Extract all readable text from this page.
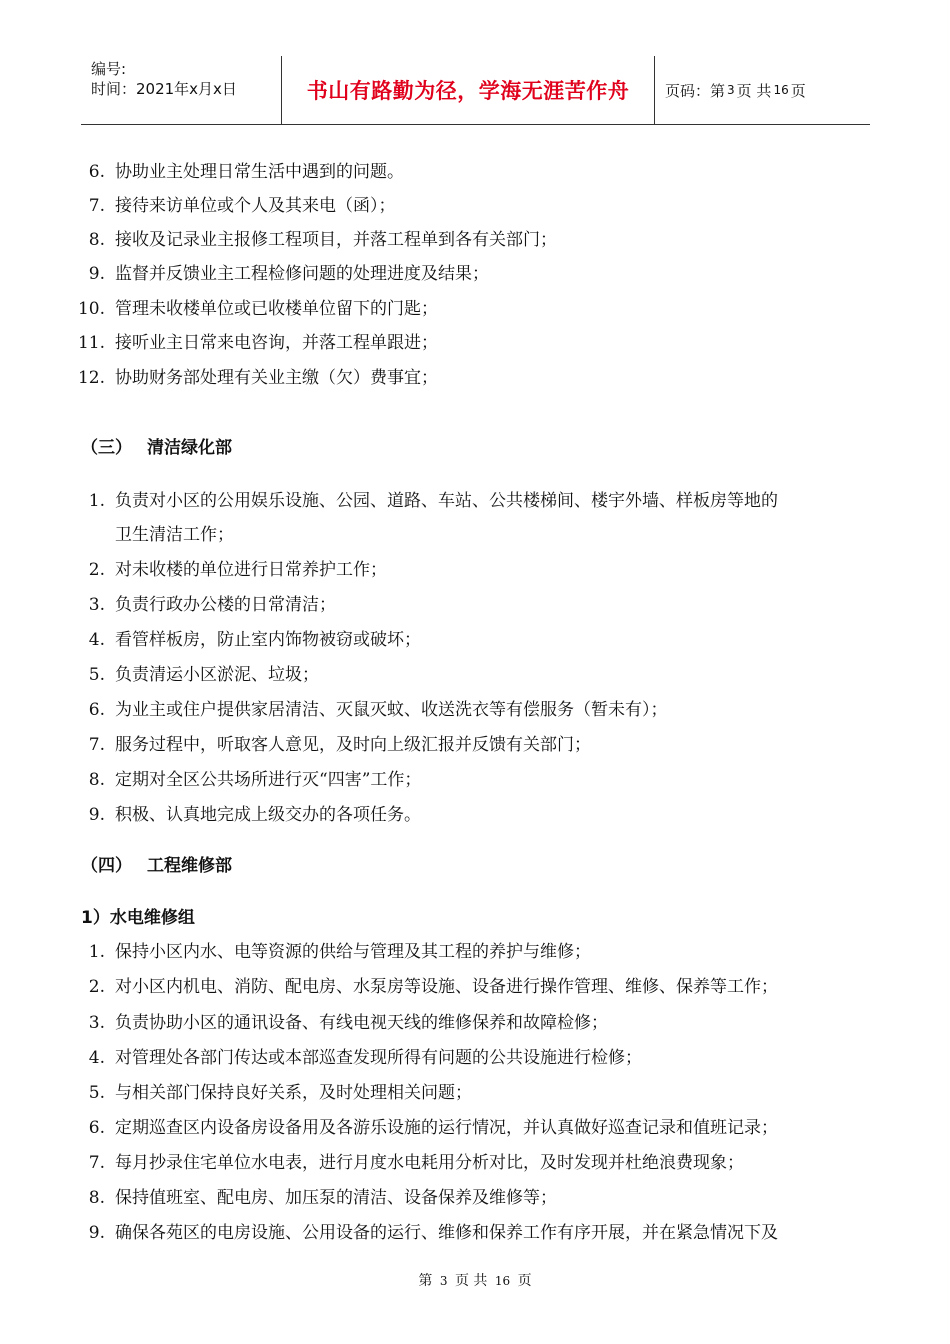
编号:
时间：2021年x月x日	书山有路勤为径，学海无涯苦作舟 页码：第 3 页 共 16 页
6. 协助业主处理日常生活中遇到的问题。
7. 接待来访单位或个人及其来电（函）；
8. 接收及记录业主报修工程项目，并落工程单到各有关部门；
9. 监督并反馈业主工程检修问题的处理进度及结果；
10. 管理未收楼单位或已收楼单位留下的门匙；
11. 接听业主日常来电咨询，并落工程单跟进；
12. 协助财务部处理有关业主缴（欠）费事宜；
（三） 清洁绿化部
1. 负责对小区的公用娱乐设施、公园、道路、车站、公共楼梯间、楼宇外墙、样板房等地的
卫生清洁工作；
2. 对未收楼的单位进行日常养护工作；
3. 负责行政办公楼的日常清洁；
4. 看管样板房，防止室内饰物被窃或破坏；
5. 负责清运小区淤泥、垃圾；
6. 为业主或住户提供家居清洁、灭鼠灭蚊、收送洗衣等有偿服务（暂未有）；
7. 服务过程中，听取客人意见，及时向上级汇报并反馈有关部门；
8. 定期对全区公共场所进行灭“四害”工作；
9. 积极、认真地完成上级交办的各项任务。
（四） 工程维修部
1）水电维修组
1. 保持小区内水、电等资源的供给与管理及其工程的养护与维修；
2. 对小区内机电、消防、配电房、水泵房等设施、设备进行操作管理、维修、保养等工作；
3. 负责协助小区的通讯设备、有线电视天线的维修保养和故障检修；
4. 对管理处各部门传达或本部巡查发现所得有问题的公共设施进行检修；
5. 与相关部门保持良好关系，及时处理相关问题；
6. 定期巡查区内设备房设备用及各游乐设施的运行情况，并认真做好巡查记录和值班记录；
7. 每月抄录住宅单位水电表，进行月度水电耗用分析对比，及时发现并杜绝浪费现象；
8. 保持值班室、配电房、加压泵的清洁、设备保养及维修等；
9. 确保各苑区的电房设施、公用设备的运行、维修和保养工作有序开展，并在紧急情况下及
第 3 页 共 16 页
